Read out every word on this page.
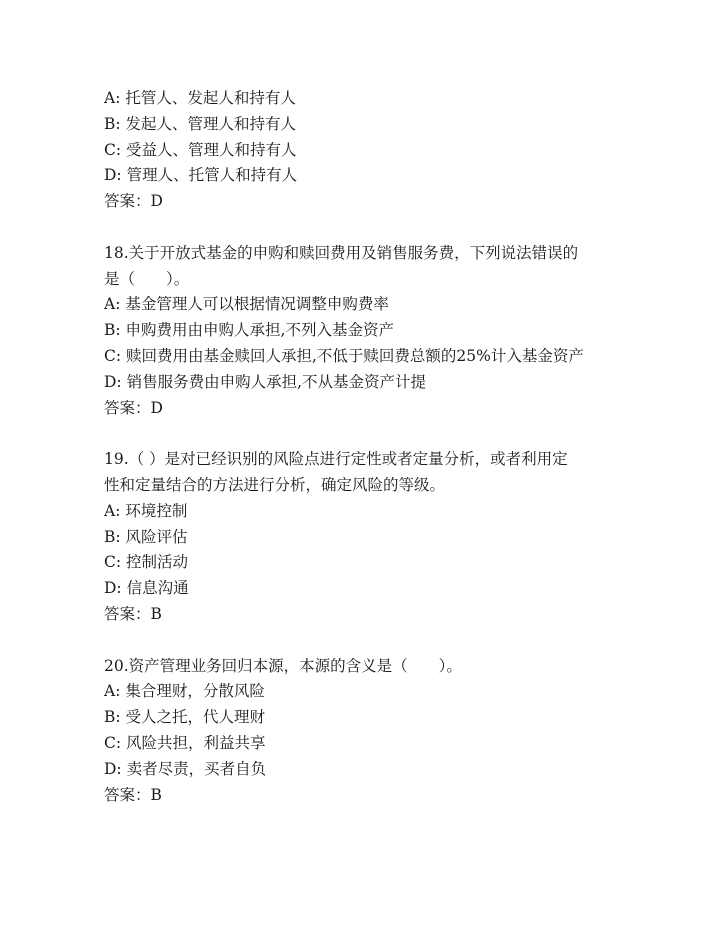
A: 托管人、发起人和持有人
B: 发起人、管理人和持有人
C: 受益人、管理人和持有人
D: 管理人、托管人和持有人
答案：D
18.关于开放式基金的申购和赎回费用及销售服务费，下列说法错误的
是（　　）。
A: 基金管理人可以根据情况调整申购费率
B: 申购费用由申购人承担,不列入基金资产
C: 赎回费用由基金赎回人承担,不低于赎回费总额的25%计入基金资产
D: 销售服务费由申购人承担,不从基金资产计提
答案：D
19.（ ）是对已经识别的风险点进行定性或者定量分析，或者利用定
性和定量结合的方法进行分析，确定风险的等级。
A: 环境控制
B: 风险评估
C: 控制活动
D: 信息沟通
答案：B
20.资产管理业务回归本源，本源的含义是（　　）。
A: 集合理财，分散风险
B: 受人之托，代人理财
C: 风险共担，利益共享
D: 卖者尽责，买者自负
答案：B
